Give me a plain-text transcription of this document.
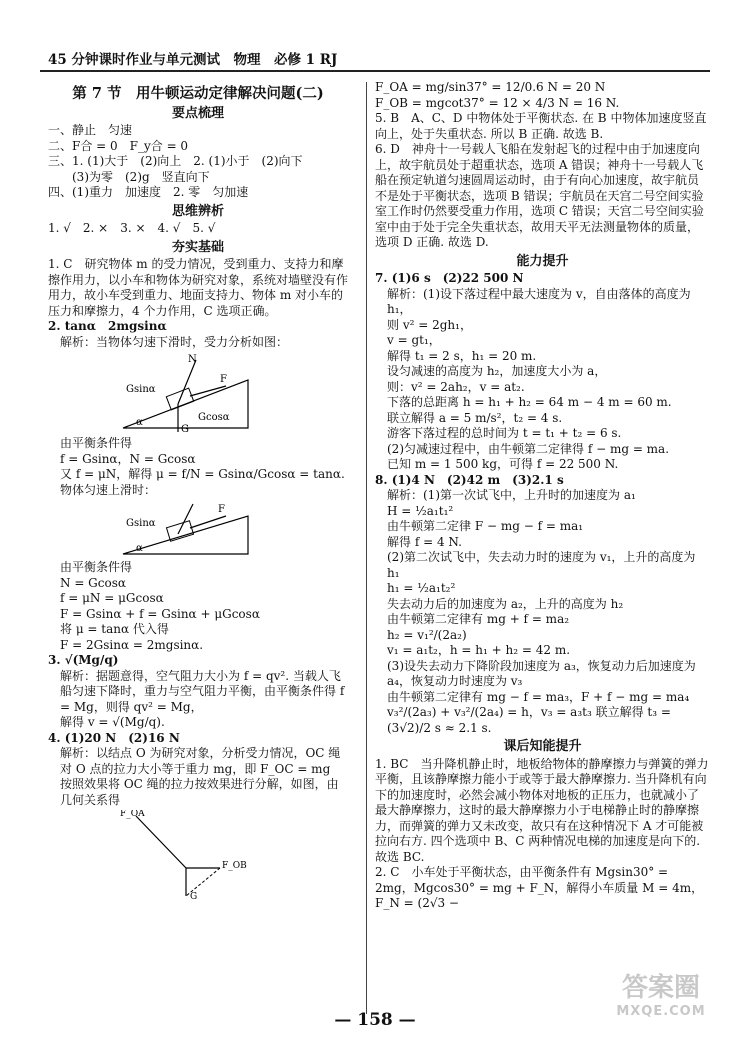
45 分钟课时作业与单元测试　物理　必修 1 RJ
第 7 节　用牛顿运动定律解决问题(二)
要点梳理

一、静止　匀速

二、F合 = 0　F_y合 = 0

三、1. (1)大于　(2)向上　2. (1)小于　(2)向下

　　(3)为零　(2)g　竖直向下

四、(1)重力　加速度　2. 零　匀加速

思维辨析

1. √　2. ×　3. ×　4. √　5. √

夯实基础

1. C　研究物体 m 的受力情况，受到重力、支持力和摩擦作用力，以小车和物体为研究对象，系统对墙壁没有作用力，故小车受到重力、地面支持力、物体 m 对小车的压力和摩擦力，4 个力作用，C 选项正确。

2. tanα　2mgsinα

解析：当物体匀速下滑时，受力分析如图：

N
F
Gsinα
Gcosα
G
α

由平衡条件得

f = Gsinα，N = Gcosα

又 f = μN，解得 μ = f/N = Gsinα/Gcosα = tanα.

物体匀速上滑时：

F
Gsinα
α

由平衡条件得

N = Gcosα

f = μN = μGcosα

F = Gsinα + f = Gsinα + μGcosα

将 μ = tanα 代入得

F = 2Gsinα = 2mgsinα.

3. √(Mg/q)

解析：据题意得，空气阻力大小为 f = qv². 当载人飞船匀速下降时，重力与空气阻力平衡，由平衡条件得 f = Mg，则得 qv² = Mg，

解得 v = √(Mg/q).

4. (1)20 N　(2)16 N

解析：以结点 O 为研究对象，分析受力情况，OC 绳对 O 点的拉力大小等于重力 mg，即 F_OC = mg

按照效果将 OC 绳的拉力按效果进行分解，如图，由几何关系得

F_OA
F_OB
G

F_OA = mg/sin37° = 12/0.6 N = 20 N

F_OB = mgcot37° = 12 × 4/3 N = 16 N.

5. B　A、C、D 中物体处于平衡状态. 在 B 中物体加速度竖直向上，处于失重状态. 所以 B 正确. 故选 B.

6. D　神舟十一号载人飞船在发射起飞的过程中由于加速度向上，故宇航员处于超重状态，选项 A 错误；神舟十一号载人飞船在预定轨道匀速圆周运动时，由于有向心加速度，故宇航员不是处于平衡状态，选项 B 错误；宇航员在天宫二号空间实验室工作时仍然要受重力作用，选项 C 错误；天宫二号空间实验室中由于处于完全失重状态，故用天平无法测量物体的质量，选项 D 正确. 故选 D.

能力提升

7. (1)6 s　(2)22 500 N

解析：(1)设下落过程中最大速度为 v，自由落体的高度为 h₁，

则 v² = 2gh₁，

v = gt₁，

解得 t₁ = 2 s，h₁ = 20 m.

设匀减速的高度为 h₂，加速度大小为 a，

则：v² = 2ah₂，v = at₂.

下落的总距离 h = h₁ + h₂ = 64 m − 4 m = 60 m.

联立解得 a = 5 m/s²，t₂ = 4 s.

游客下落过程的总时间为 t = t₁ + t₂ = 6 s.

(2)匀减速过程中，由牛顿第二定律得 f − mg = ma.

已知 m = 1 500 kg，可得 f = 22 500 N.

8. (1)4 N　(2)42 m　(3)2.1 s

解析：(1)第一次试飞中，上升时的加速度为 a₁

H = ½a₁t₁²

由牛顿第二定律 F − mg − f = ma₁

解得 f = 4 N.

(2)第二次试飞中，失去动力时的速度为 v₁，上升的高度为 h₁

h₁ = ½a₁t₂²

失去动力后的加速度为 a₂，上升的高度为 h₂

由牛顿第二定律有 mg + f = ma₂

h₂ = v₁²/(2a₂)

v₁ = a₁t₂，h = h₁ + h₂ = 42 m.

(3)设失去动力下降阶段加速度为 a₃，恢复动力后加速度为 a₄，恢复动力时速度为 v₃

由牛顿第二定律有 mg − f = ma₃，F + f − mg = ma₄

v₃²/(2a₃) + v₃²/(2a₄) = h，v₃ = a₃t₃ 联立解得 t₃ = (3√2)/2 s ≈ 2.1 s.

课后知能提升

1. BC　当升降机静止时，地板给物体的静摩擦力与弹簧的弹力平衡，且该静摩擦力能小于或等于最大静摩擦力. 当升降机有向下的加速度时，必然会减小物体对地板的正压力，也就减小了最大静摩擦力，这时的最大静摩擦力小于电梯静止时的静摩擦力，而弹簧的弹力又未改变，故只有在这种情况下 A 才可能被拉向右方. 四个选项中 B、C 两种情况电梯的加速度是向下的. 故选 BC.

2. C　小车处于平衡状态，由平衡条件有 Mgsin30° = 2mg，Mgcos30° = mg + F_N，解得小车质量 M = 4m，F_N = (2√3 −

— 158 —
答案圈
MXQE.COM
